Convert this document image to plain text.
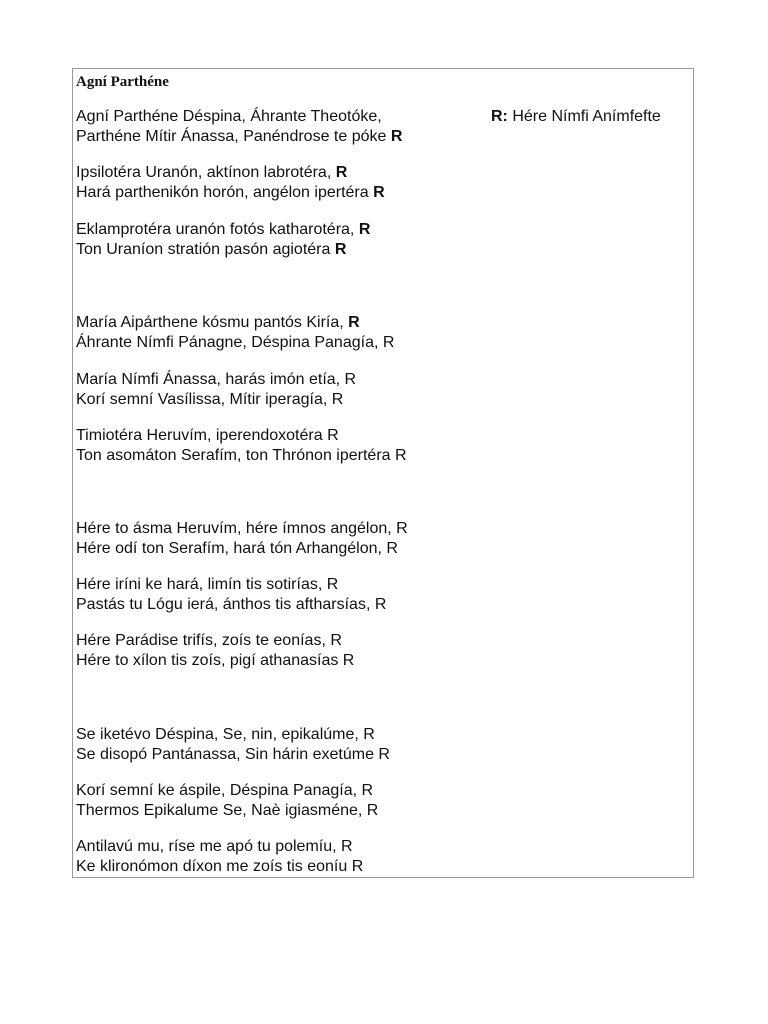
Agní Parthéne
R: Hére Nímfi Anímfefte
Agní Parthéne Déspina, Áhrante Theotóke,
Parthéne Mítir Ánassa, Panéndrose te póke R
Ipsilotéra Uranón, aktínon labrotéra, R
Hará parthenikón horón, angélon ipertéra R
Eklamprotéra uranón fotós katharotéra, R
Ton Uraníon stratión pasón agiotéra R
María Aipárthene kósmu pantós Kiría, R
Áhrante Nímfi Pánagne, Déspina Panagía, R
María Nímfi Ánassa, harás imón etía, R
Korí semní Vasílissa, Mítir iperagía, R
Timiotéra Heruvím, iperendoxotéra R
Ton asomáton Serafím, ton Thrónon ipertéra R
Hére to ásma Heruvím, hére ímnos angélon, R
Hére odí ton Serafím, hará tón Arhangélon, R
Hére iríni ke hará, limín tis sotirías, R
Pastás tu Lógu ierá, ánthos tis aftharsías, R
Hére Parádise trifís, zoís te eonías, R
Hére to xílon tis zoís, pigí athanasías R
Se iketévo Déspina, Se, nin, epikalúme, R
Se disopó Pantánassa, Sin hárin exetúme R
Korí semní ke áspile, Déspina Panagía, R
Thermos Epikalume Se, Naè igiasméne, R
Antilavú mu, ríse me apó tu polemíu, R
Ke klironómon díxon me zoís tis eoníu R
